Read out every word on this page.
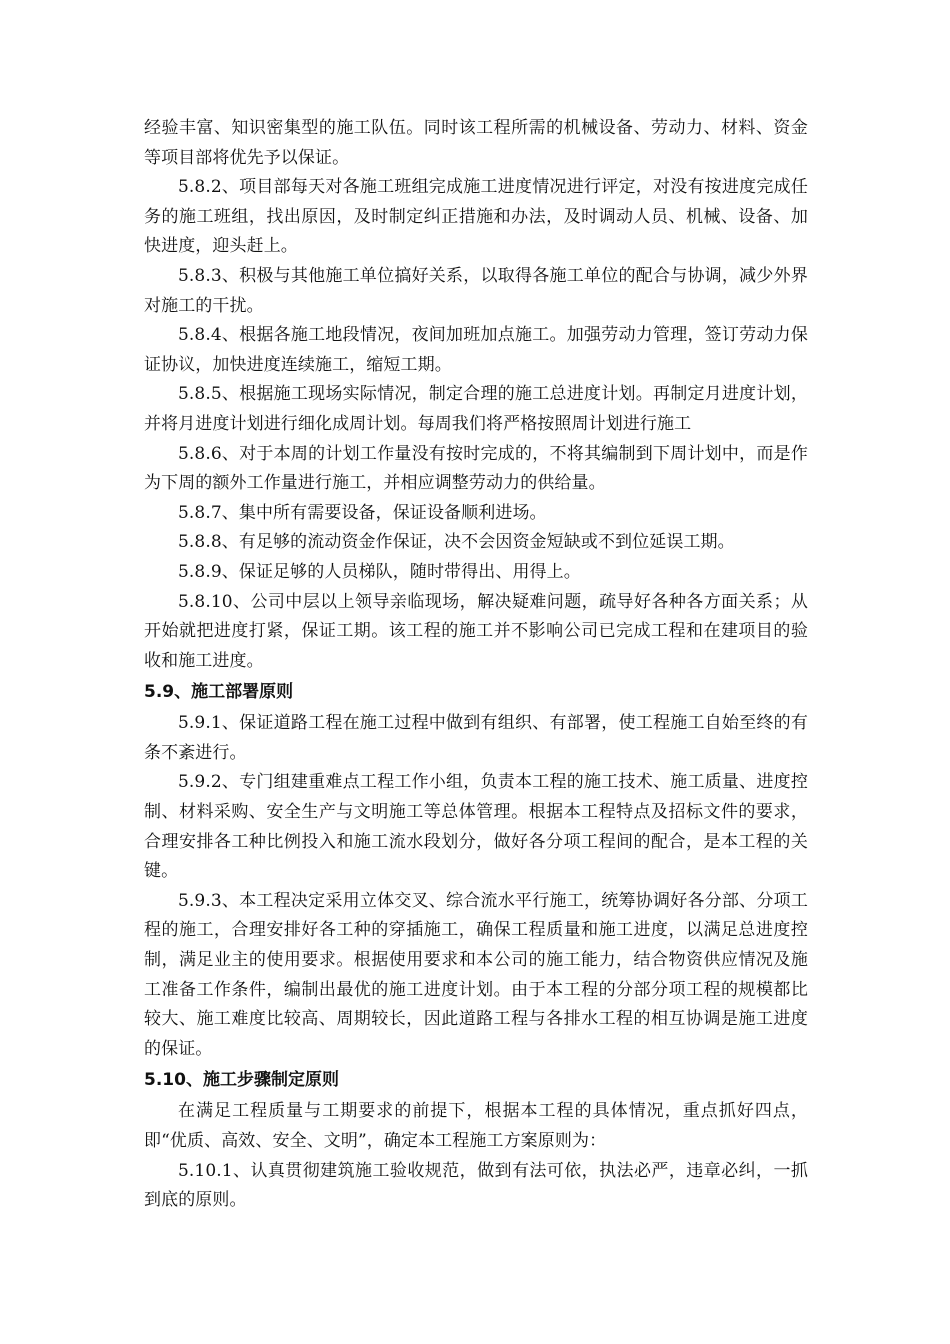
经验丰富、知识密集型的施工队伍。同时该工程所需的机械设备、劳动力、材料、资金等项目部将优先予以保证。

5.8.2、项目部每天对各施工班组完成施工进度情况进行评定，对没有按进度完成任务的施工班组，找出原因，及时制定纠正措施和办法，及时调动人员、机械、设备、加快进度，迎头赶上。

5.8.3、积极与其他施工单位搞好关系，以取得各施工单位的配合与协调，减少外界对施工的干扰。

5.8.4、根据各施工地段情况，夜间加班加点施工。加强劳动力管理，签订劳动力保证协议，加快进度连续施工，缩短工期。

5.8.5、根据施工现场实际情况，制定合理的施工总进度计划。再制定月进度计划，并将月进度计划进行细化成周计划。每周我们将严格按照周计划进行施工

5.8.6、对于本周的计划工作量没有按时完成的，不将其编制到下周计划中，而是作为下周的额外工作量进行施工，并相应调整劳动力的供给量。

5.8.7、集中所有需要设备，保证设备顺利进场。

5.8.8、有足够的流动资金作保证，决不会因资金短缺或不到位延误工期。

5.8.9、保证足够的人员梯队，随时带得出、用得上。

5.8.10、公司中层以上领导亲临现场，解决疑难问题，疏导好各种各方面关系；从开始就把进度打紧，保证工期。该工程的施工并不影响公司已完成工程和在建项目的验收和施工进度。

5.9、施工部署原则

5.9.1、保证道路工程在施工过程中做到有组织、有部署，使工程施工自始至终的有条不紊进行。

5.9.2、专门组建重难点工程工作小组，负责本工程的施工技术、施工质量、进度控制、材料采购、安全生产与文明施工等总体管理。根据本工程特点及招标文件的要求，合理安排各工种比例投入和施工流水段划分，做好各分项工程间的配合，是本工程的关键。

5.9.3、本工程决定采用立体交叉、综合流水平行施工，统筹协调好各分部、分项工程的施工，合理安排好各工种的穿插施工，确保工程质量和施工进度，以满足总进度控制，满足业主的使用要求。根据使用要求和本公司的施工能力，结合物资供应情况及施工准备工作条件，编制出最优的施工进度计划。由于本工程的分部分项工程的规模都比较大、施工难度比较高、周期较长，因此道路工程与各排水工程的相互协调是施工进度的保证。

5.10、施工步骤制定原则

在满足工程质量与工期要求的前提下，根据本工程的具体情况，重点抓好四点，即“优质、高效、安全、文明”，确定本工程施工方案原则为：

5.10.1、认真贯彻建筑施工验收规范，做到有法可依，执法必严，违章必纠，一抓到底的原则。
